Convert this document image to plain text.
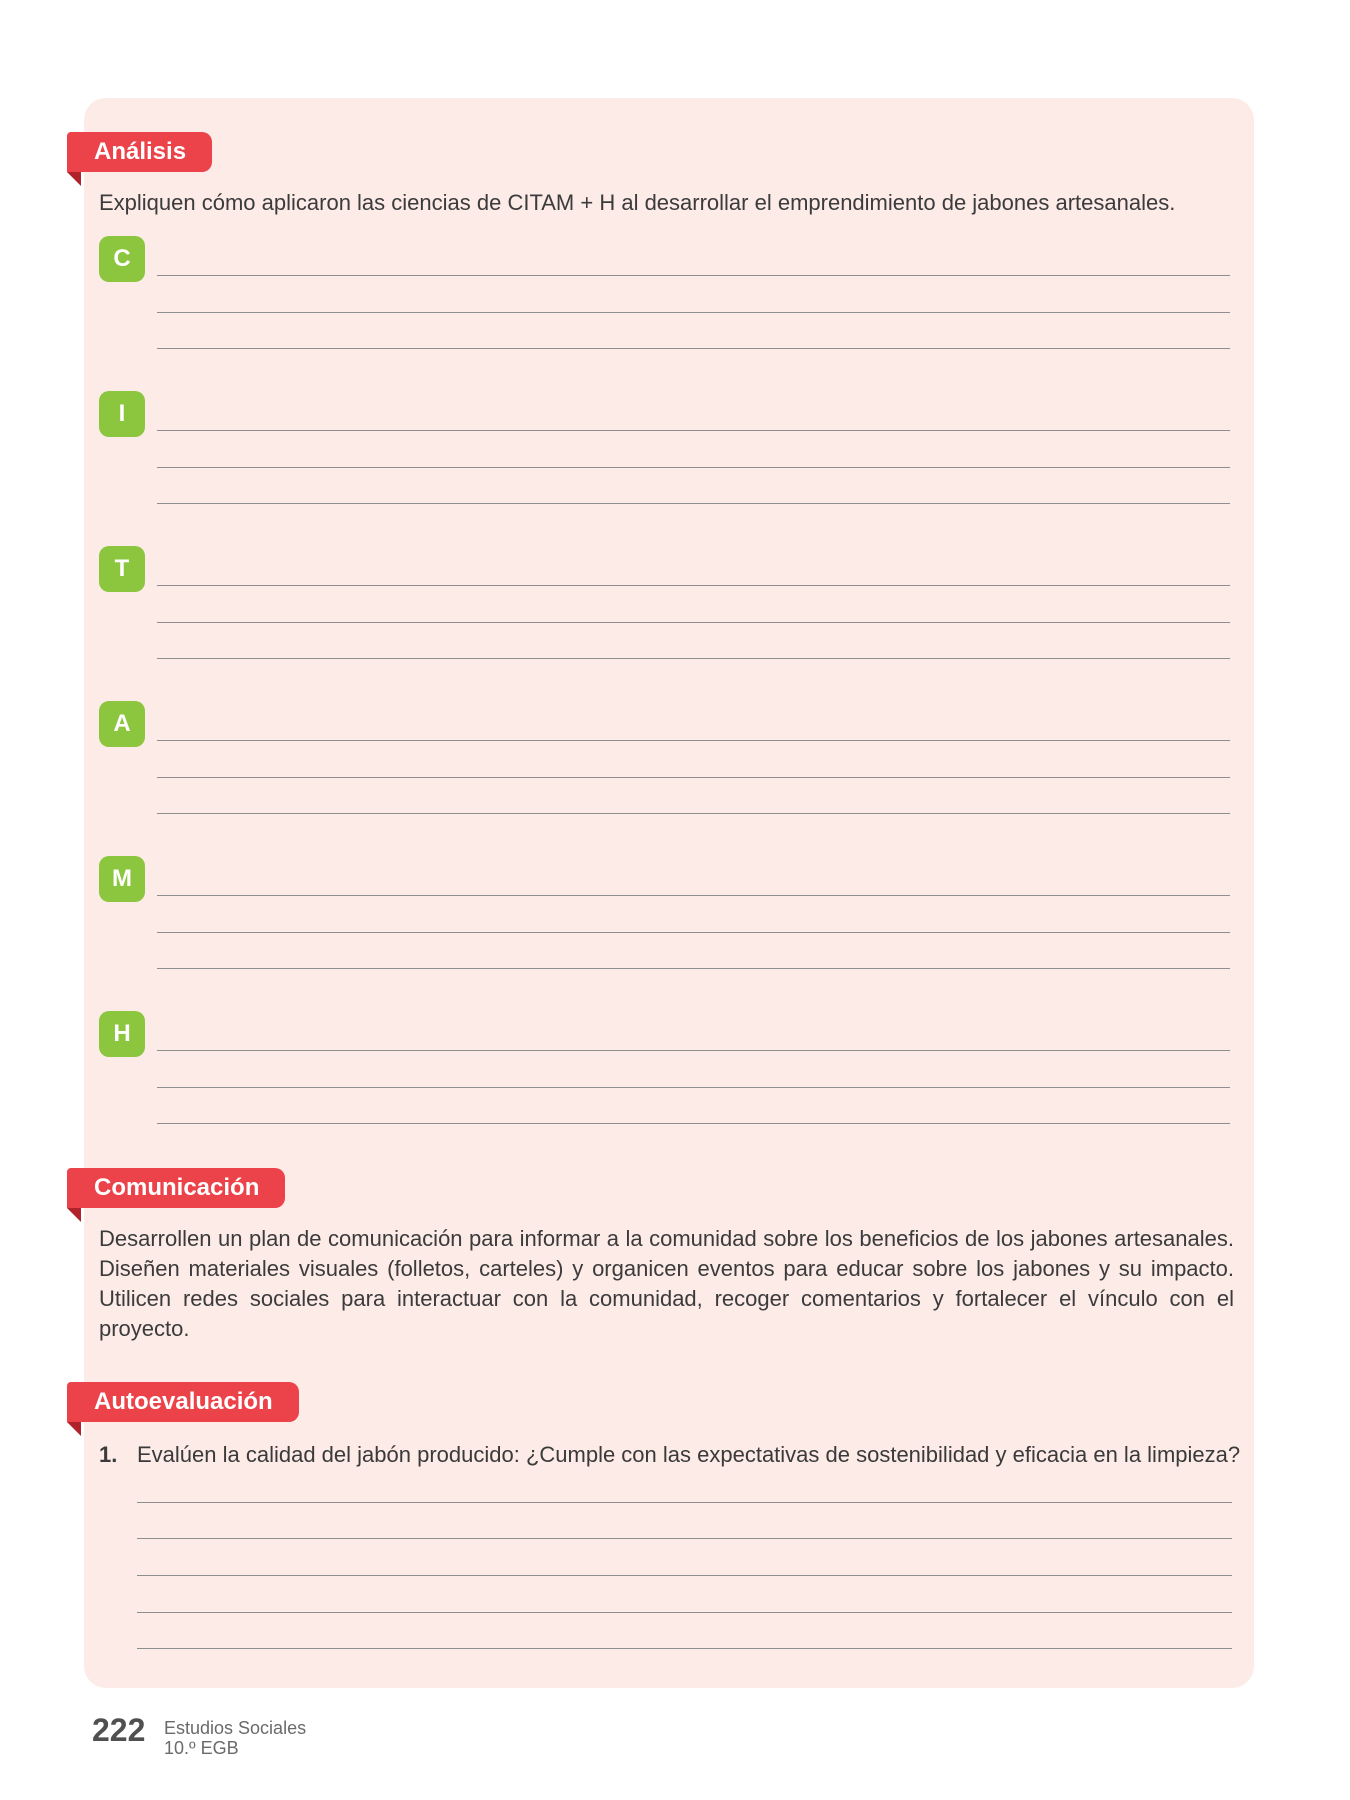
Análisis
Expliquen cómo aplicaron las ciencias de CITAM + H al desarrollar el emprendimiento de jabones artesanales.
C
I
T
A
M
H
Comunicación
Desarrollen un plan de comunicación para informar a la comunidad sobre los beneficios de los jabones artesanales. Diseñen materiales visuales (folletos, carteles) y organicen eventos para educar sobre los jabones y su impacto. Utilicen redes sociales para interactuar con la comunidad, recoger comentarios y fortalecer el vínculo con el proyecto.
Autoevaluación
1. Evalúen la calidad del jabón producido: ¿Cumple con las expectativas de sostenibilidad y eficacia en la limpieza?
222 Estudios Sociales
10.º EGB
